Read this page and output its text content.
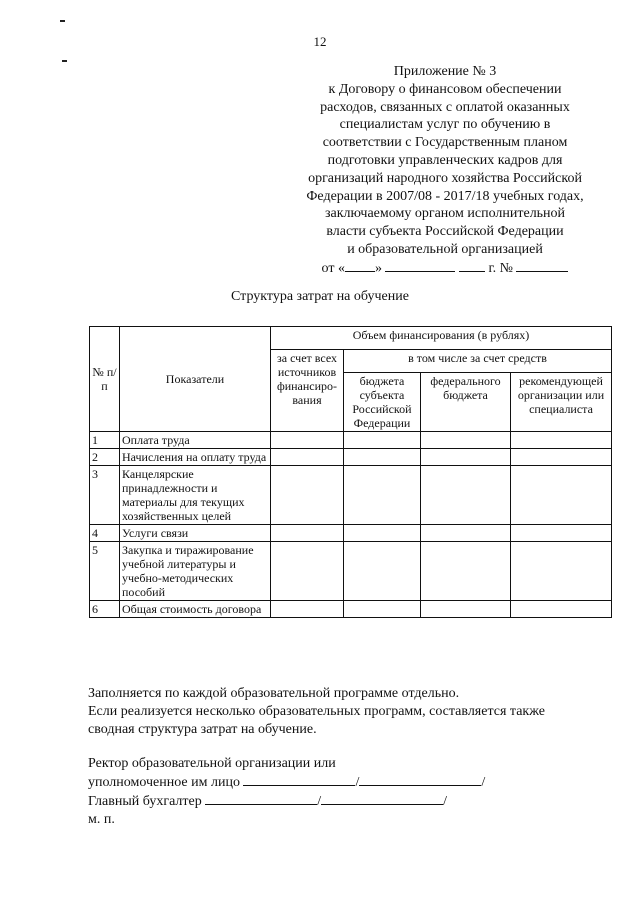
12
Приложение № 3
к Договору о финансовом обеспечении
расходов, связанных с оплатой оказанных
специалистам услуг по обучению в
соответствии с Государственным планом
подготовки управленческих кадров для
организаций народного хозяйства Российской
Федерации в 2007/08 - 2017/18 учебных годах,
заключаемому органом исполнительной
власти субъекта Российской Федерации
и образовательной организацией
от « »	г. №
Структура затрат на обучение
№ п/п	Показатели	Объем финансирования (в рублях)			
		за счет всех источников финансиро-вания	в том числе за счет средств		
			бюджета субъекта Российской Федерации	федерального бюджета	рекомендующей организации или специалиста
1	Оплата труда				
2	Начисления на оплату труда				
3	Канцелярские принадлежности и материалы для текущих хозяйственных целей				
4	Услуги связи				
5	Закупка и тиражирование учебной литературы и учебно-методических пособий				
6	Общая стоимость договора				
Заполняется по каждой образовательной программе отдельно.
Если реализуется несколько образовательных программ, составляется также
сводная структура затрат на обучение.
Ректор образовательной организации или
уполномоченное им лицо	/	/
Главный бухгалтер	/	/
м. п.
